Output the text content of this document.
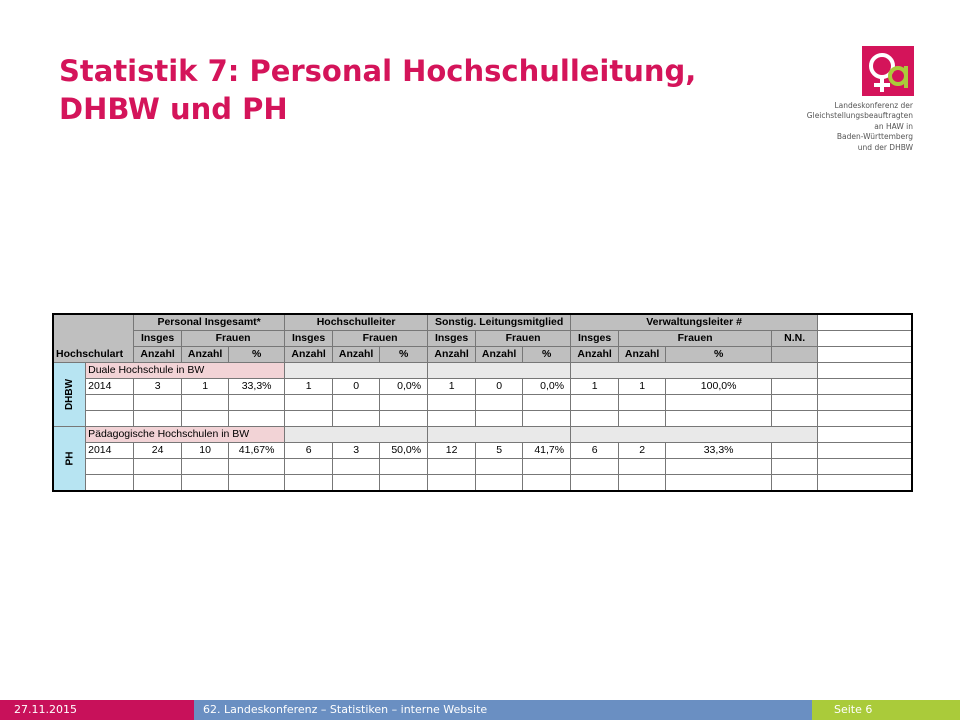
Statistik 7: Personal Hochschulleitung,
DHBW und PH	Landeskonferenz der
Gleichstellungsbeauftragten
an HAW in
Baden-Württemberg
und der DHBW

Hochschulart		Personal Insgesamt*			Hochschulleiter			Sonstig. Leitungsmitglied			Verwaltungsleiter #				
		Insges	Frauen		Insges	Frauen		Insges	Frauen		Insges	Frauen		N.N.	
		Anzahl	Anzahl	%	Anzahl	Anzahl	%	Anzahl	Anzahl	%	Anzahl	Anzahl	%		
DHBW	Duale Hochschule in BW														
	2014	3	1	33,3%	1	0	0,0%	1	0	0,0%	1	1	100,0%		

PH	Pädagogische Hochschulen in BW														
	2014	24	10	41,67%	6	3	50,0%	12	5	41,7%	6	2	33,3%		

27.11.2015	62. Landeskonferenz – Statistiken – interne Website	Seite 6
